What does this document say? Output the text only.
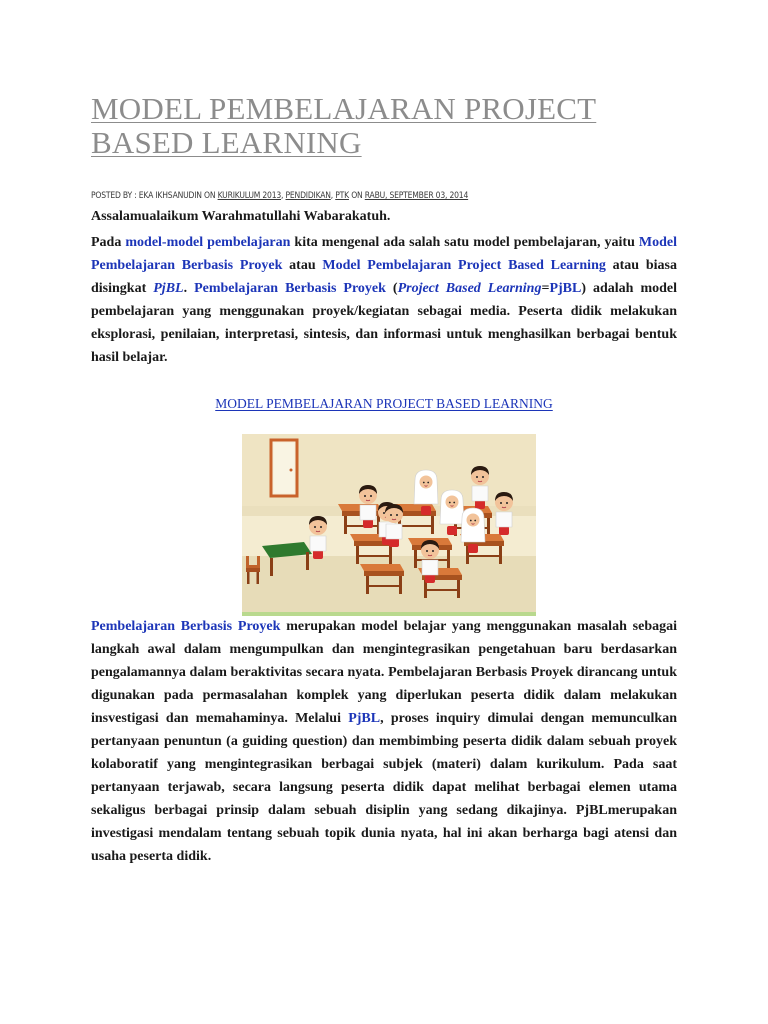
MODEL PEMBELAJARAN PROJECT BASED LEARNING
POSTED BY : EKA IKHSANUDIN ON KURIKULUM 2013, PENDIDIKAN, PTK ON RABU, SEPTEMBER 03, 2014

Assalamualaikum Warahmatullahi Wabarakatuh.

Pada model-model pembelajaran kita mengenal ada salah satu model pembelajaran, yaitu Model Pembelajaran Berbasis Proyek atau Model Pembelajaran Project Based Learning atau biasa disingkat PjBL. Pembelajaran Berbasis Proyek (Project Based Learning=PjBL) adalah model pembelajaran yang menggunakan proyek/kegiatan sebagai media. Peserta didik melakukan eksplorasi, penilaian, interpretasi, sintesis, dan informasi untuk menghasilkan berbagai bentuk hasil belajar.

MODEL PEMBELAJARAN PROJECT BASED LEARNING

Pembelajaran Berbasis Proyek merupakan model belajar yang menggunakan masalah sebagai langkah awal dalam mengumpulkan dan mengintegrasikan pengetahuan baru berdasarkan pengalamannya dalam beraktivitas secara nyata. Pembelajaran Berbasis Proyek dirancang untuk digunakan pada permasalahan komplek yang diperlukan peserta didik dalam melakukan insvestigasi dan memahaminya. Melalui PjBL, proses inquiry dimulai dengan memunculkan pertanyaan penuntun (a guiding question) dan membimbing peserta didik dalam sebuah proyek kolaboratif yang mengintegrasikan berbagai subjek (materi) dalam kurikulum. Pada saat pertanyaan terjawab, secara langsung peserta didik dapat melihat berbagai elemen utama sekaligus berbagai prinsip dalam sebuah disiplin yang sedang dikajinya. PjBLmerupakan investigasi mendalam tentang sebuah topik dunia nyata, hal ini akan berharga bagi atensi dan usaha peserta didik.
